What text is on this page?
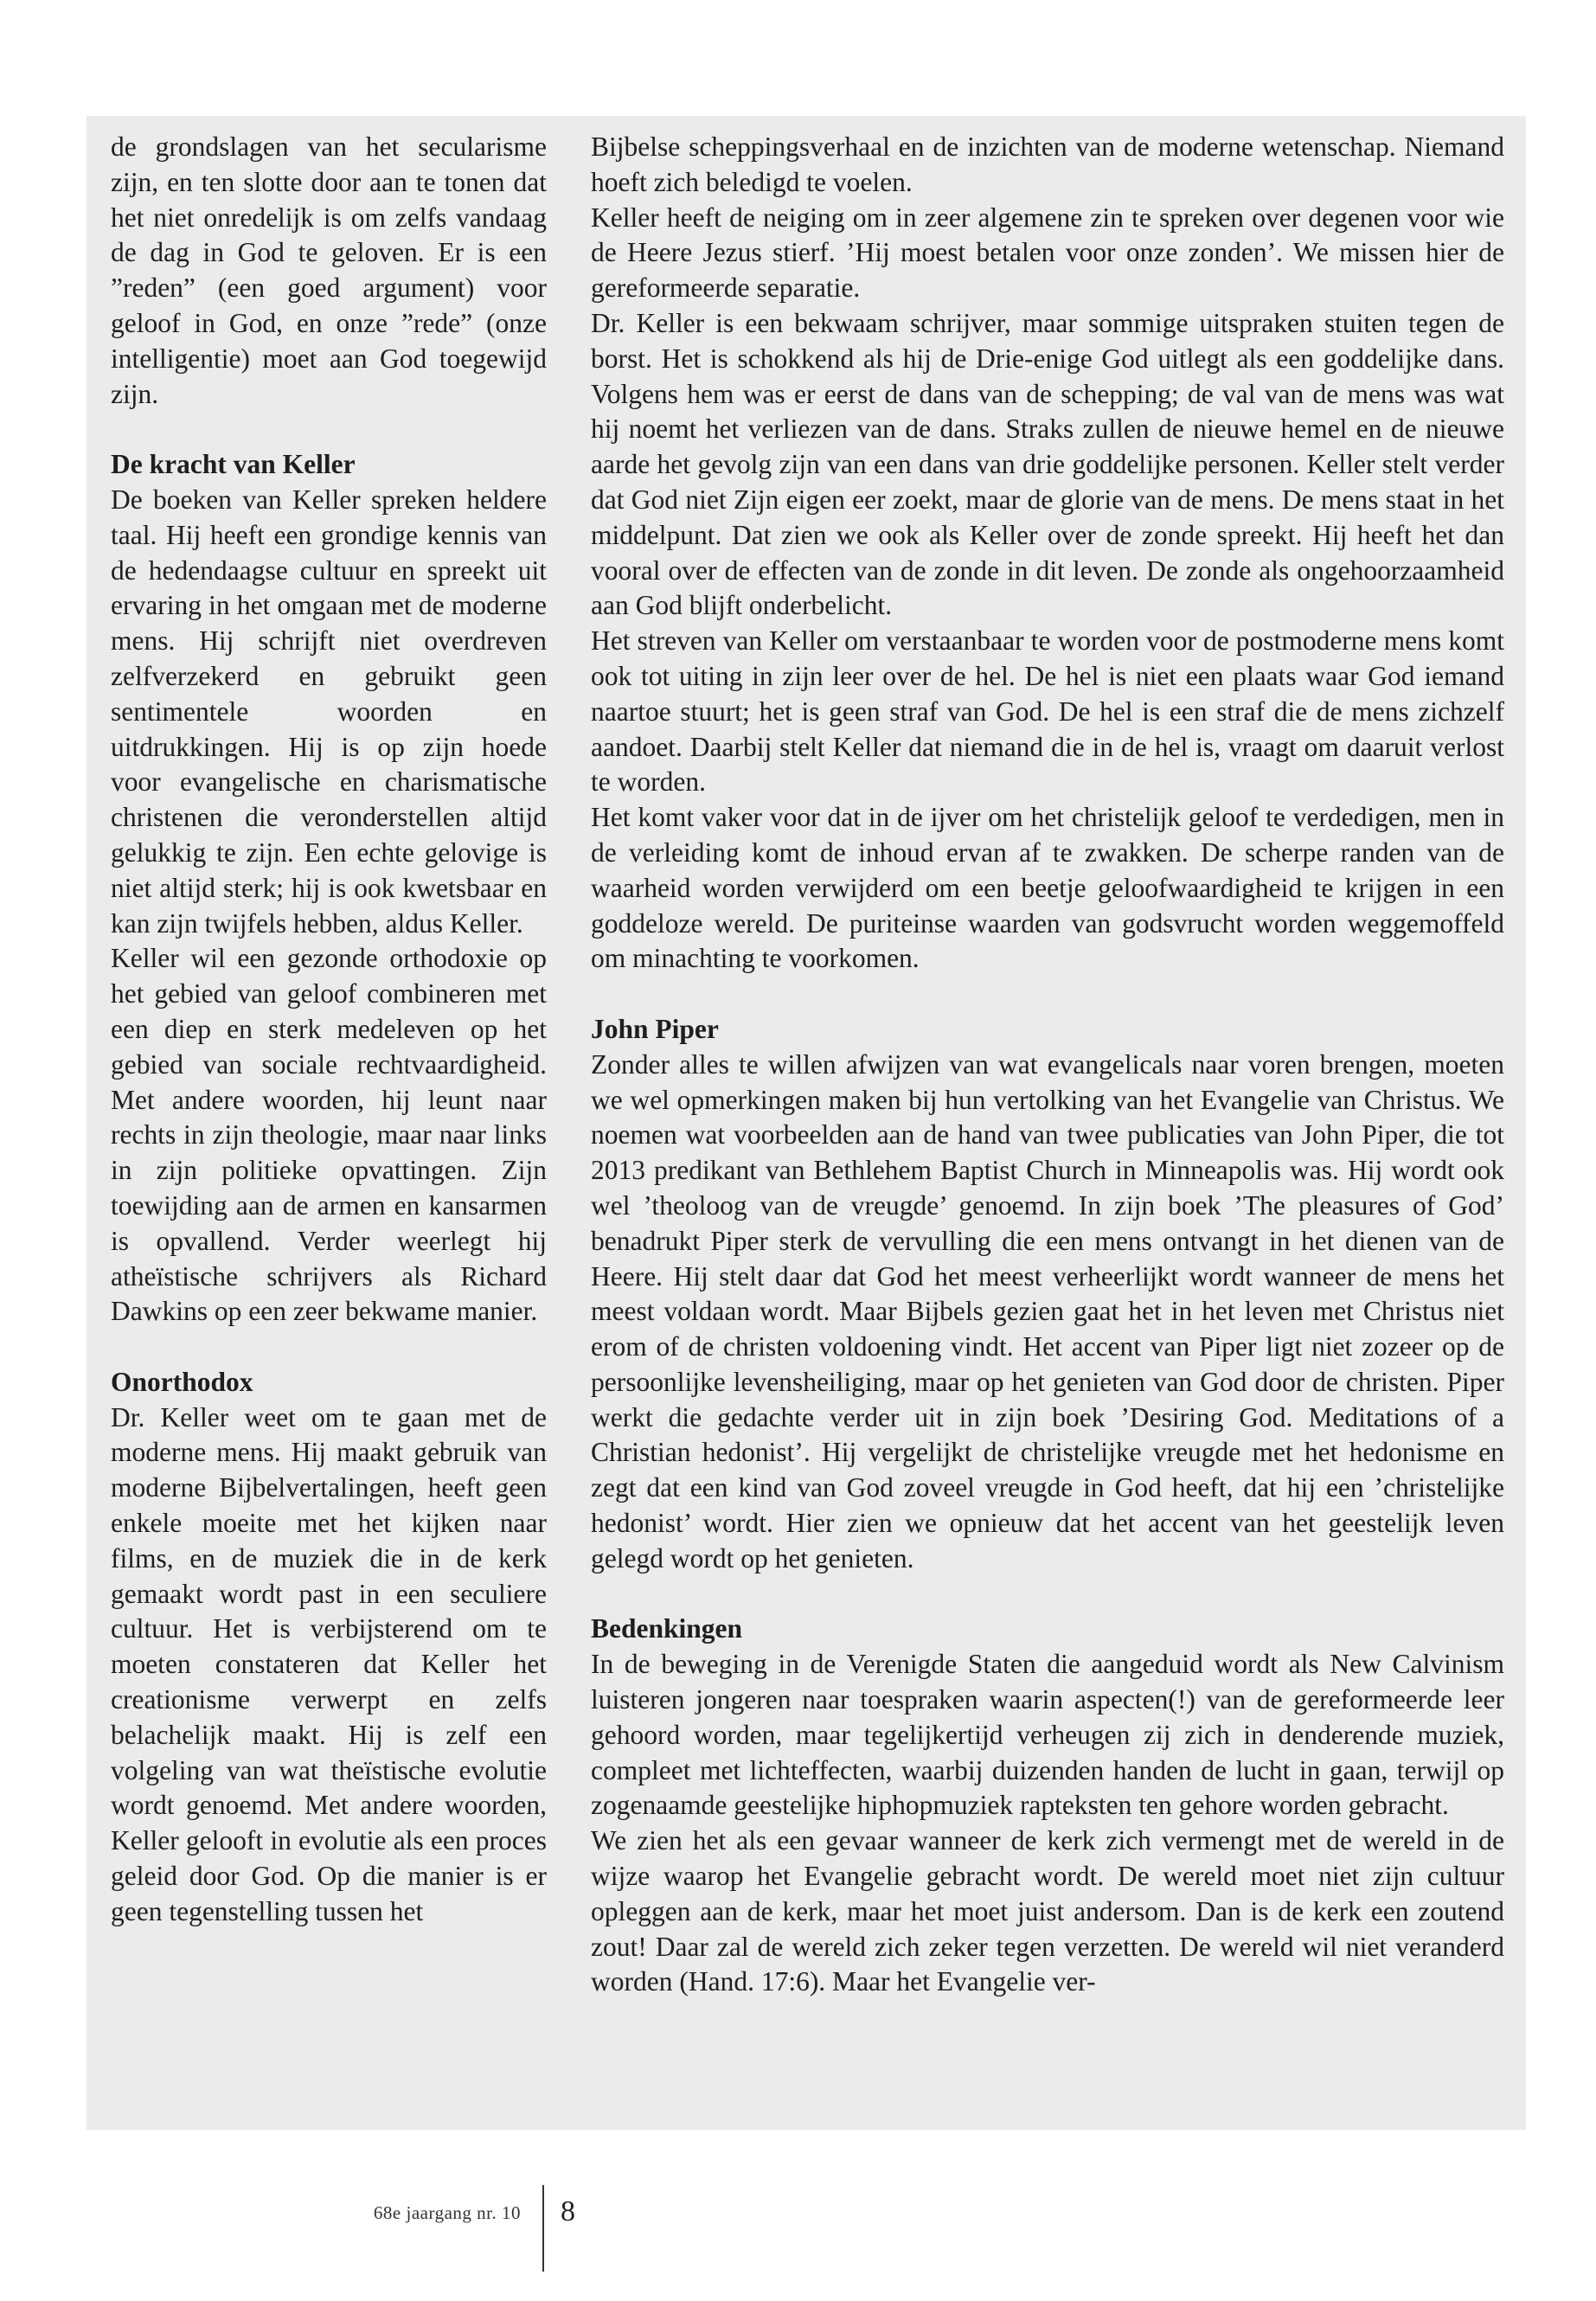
de grondslagen van het secularisme zijn, en ten slotte door aan te tonen dat het niet onredelijk is om zelfs vandaag de dag in God te geloven. Er is een ”reden” (een goed argument) voor geloof in God, en onze ”rede” (onze intelligentie) moet aan God toegewijd zijn.

De kracht van Keller

De boeken van Keller spreken heldere taal. Hij heeft een grondige kennis van de hedendaagse cultuur en spreekt uit ervaring in het omgaan met de moderne mens. Hij schrijft niet overdreven zelfverzekerd en gebruikt geen sentimentele woorden en uitdrukkingen. Hij is op zijn hoede voor evangelische en charismatische christenen die veronderstellen altijd gelukkig te zijn. Een echte gelovige is niet altijd sterk; hij is ook kwetsbaar en kan zijn twijfels hebben, aldus Keller.

Keller wil een gezonde orthodoxie op het gebied van geloof combineren met een diep en sterk medeleven op het gebied van sociale rechtvaardigheid. Met andere woorden, hij leunt naar rechts in zijn theologie, maar naar links in zijn politieke opvattingen. Zijn toewijding aan de armen en kansarmen is opvallend. Verder weerlegt hij atheïstische schrijvers als Richard Dawkins op een zeer bekwame manier.

Onorthodox

Dr. Keller weet om te gaan met de moderne mens. Hij maakt gebruik van moderne Bijbelvertalingen, heeft geen enkele moeite met het kijken naar films, en de muziek die in de kerk gemaakt wordt past in een seculiere cultuur. Het is verbijsterend om te moeten constateren dat Keller het creationisme verwerpt en zelfs belachelijk maakt. Hij is zelf een volgeling van wat theïstische evolutie wordt genoemd. Met andere woorden, Keller gelooft in evolutie als een proces geleid door God. Op die manier is er geen tegenstelling tussen het

Bijbelse scheppingsverhaal en de inzichten van de moderne wetenschap. Niemand hoeft zich beledigd te voelen.

Keller heeft de neiging om in zeer algemene zin te spreken over degenen voor wie de Heere Jezus stierf. ’Hij moest betalen voor onze zonden’. We missen hier de gereformeerde separatie.

Dr. Keller is een bekwaam schrijver, maar sommige uitspraken stuiten tegen de borst. Het is schokkend als hij de Drie-enige God uitlegt als een goddelijke dans. Volgens hem was er eerst de dans van de schepping; de val van de mens was wat hij noemt het verliezen van de dans. Straks zullen de nieuwe hemel en de nieuwe aarde het gevolg zijn van een dans van drie goddelijke personen. Keller stelt verder dat God niet Zijn eigen eer zoekt, maar de glorie van de mens. De mens staat in het middelpunt. Dat zien we ook als Keller over de zonde spreekt. Hij heeft het dan vooral over de effecten van de zonde in dit leven. De zonde als ongehoorzaamheid aan God blijft onderbelicht.

Het streven van Keller om verstaanbaar te worden voor de postmoderne mens komt ook tot uiting in zijn leer over de hel. De hel is niet een plaats waar God iemand naartoe stuurt; het is geen straf van God. De hel is een straf die de mens zichzelf aandoet. Daarbij stelt Keller dat niemand die in de hel is, vraagt om daaruit verlost te worden.

Het komt vaker voor dat in de ijver om het christelijk geloof te verdedigen, men in de verleiding komt de inhoud ervan af te zwakken. De scherpe randen van de waarheid worden verwijderd om een beetje geloofwaardigheid te krijgen in een goddeloze wereld. De puriteinse waarden van godsvrucht worden weggemoffeld om minachting te voorkomen.

John Piper

Zonder alles te willen afwijzen van wat evangelicals naar voren brengen, moeten we wel opmerkingen maken bij hun vertolking van het Evangelie van Christus. We noemen wat voorbeelden aan de hand van twee publicaties van John Piper, die tot 2013 predikant van Bethlehem Baptist Church in Minneapolis was. Hij wordt ook wel ’theoloog van de vreugde’ genoemd. In zijn boek ’The pleasures of God’ benadrukt Piper sterk de vervulling die een mens ontvangt in het dienen van de Heere. Hij stelt daar dat God het meest verheerlijkt wordt wanneer de mens het meest voldaan wordt. Maar Bijbels gezien gaat het in het leven met Christus niet erom of de christen voldoening vindt. Het accent van Piper ligt niet zozeer op de persoonlijke levensheiliging, maar op het genieten van God door de christen. Piper werkt die gedachte verder uit in zijn boek ’Desiring God. Meditations of a Christian hedonist’. Hij vergelijkt de christelijke vreugde met het hedonisme en zegt dat een kind van God zoveel vreugde in God heeft, dat hij een ’christelijke hedonist’ wordt. Hier zien we opnieuw dat het accent van het geestelijk leven gelegd wordt op het genieten.

Bedenkingen

In de beweging in de Verenigde Staten die aangeduid wordt als New Calvinism luisteren jongeren naar toespraken waarin aspecten(!) van de gereformeerde leer gehoord worden, maar tegelijkertijd verheugen zij zich in denderende muziek, compleet met lichteffecten, waarbij duizenden handen de lucht in gaan, terwijl op zogenaamde geestelijke hiphopmuziek rapteksten ten gehore worden gebracht.

We zien het als een gevaar wanneer de kerk zich vermengt met de wereld in de wijze waarop het Evangelie gebracht wordt. De wereld moet niet zijn cultuur opleggen aan de kerk, maar het moet juist andersom. Dan is de kerk een zoutend zout! Daar zal de wereld zich zeker tegen verzetten. De wereld wil niet veranderd worden (Hand. 17:6). Maar het Evangelie ver-

68e jaargang nr. 10 8
